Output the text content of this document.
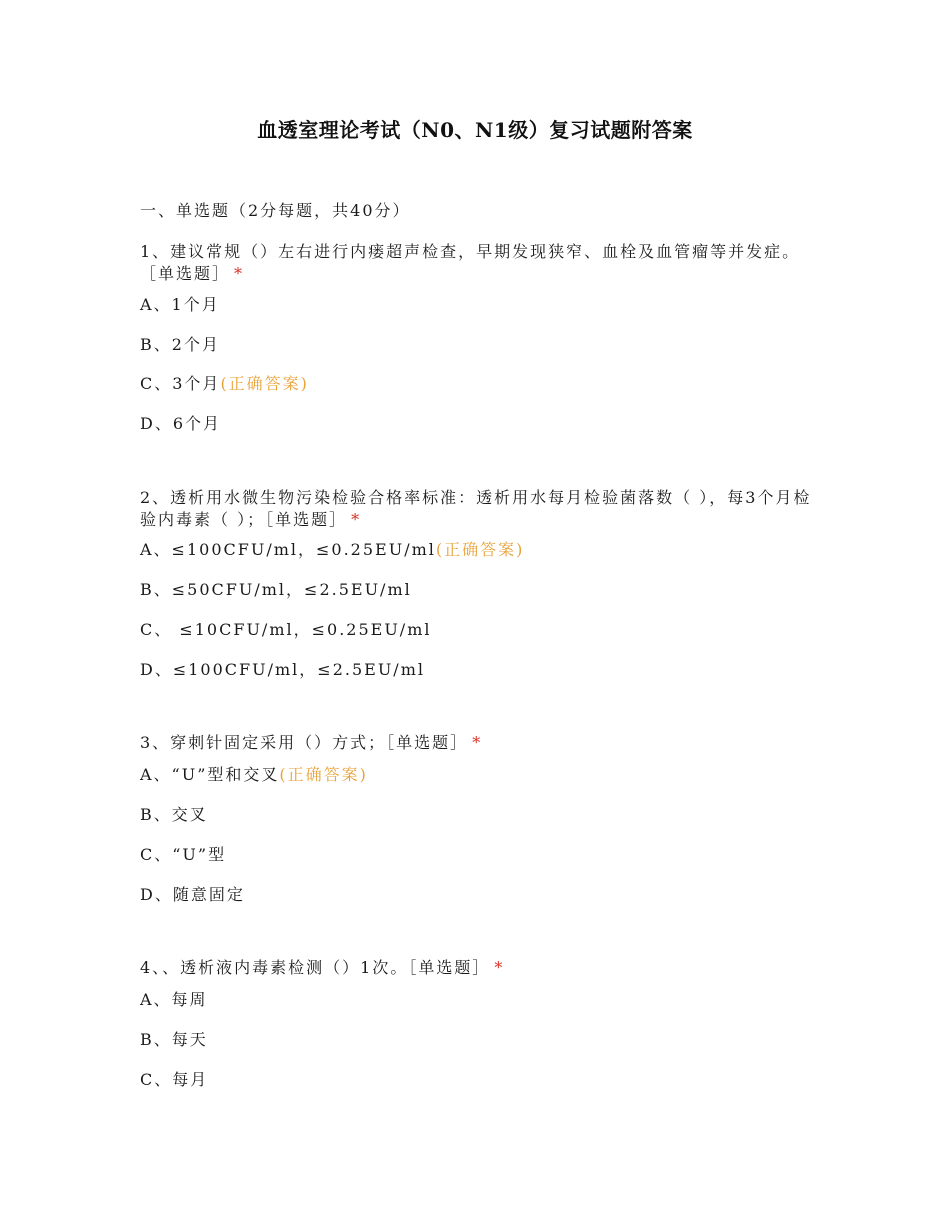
血透室理论考试（N0、N1级）复习试题附答案
一、单选题（2分每题，共40分）
1、建议常规（）左右进行内瘘超声检查，早期发现狭窄、血栓及血管瘤等并发症。［单选题］ *
A、1个月
B、2个月
C、3个月(正确答案)
D、6个月
2、透析用水微生物污染检验合格率标准：透析用水每月检验菌落数（ ），每3个月检验内毒素（ ）；［单选题］ *
A、≤100CFU/ml，≤0.25EU/ml(正确答案)
B、≤50CFU/ml，≤2.5EU/ml
C、 ≤10CFU/ml，≤0.25EU/ml
D、≤100CFU/ml，≤2.5EU/ml
3、穿刺针固定采用（）方式；［单选题］ *
A、“U”型和交叉(正确答案)
B、交叉
C、“U”型
D、随意固定
4、、透析液内毒素检测（）1次。［单选题］ *
A、每周
B、每天
C、每月
